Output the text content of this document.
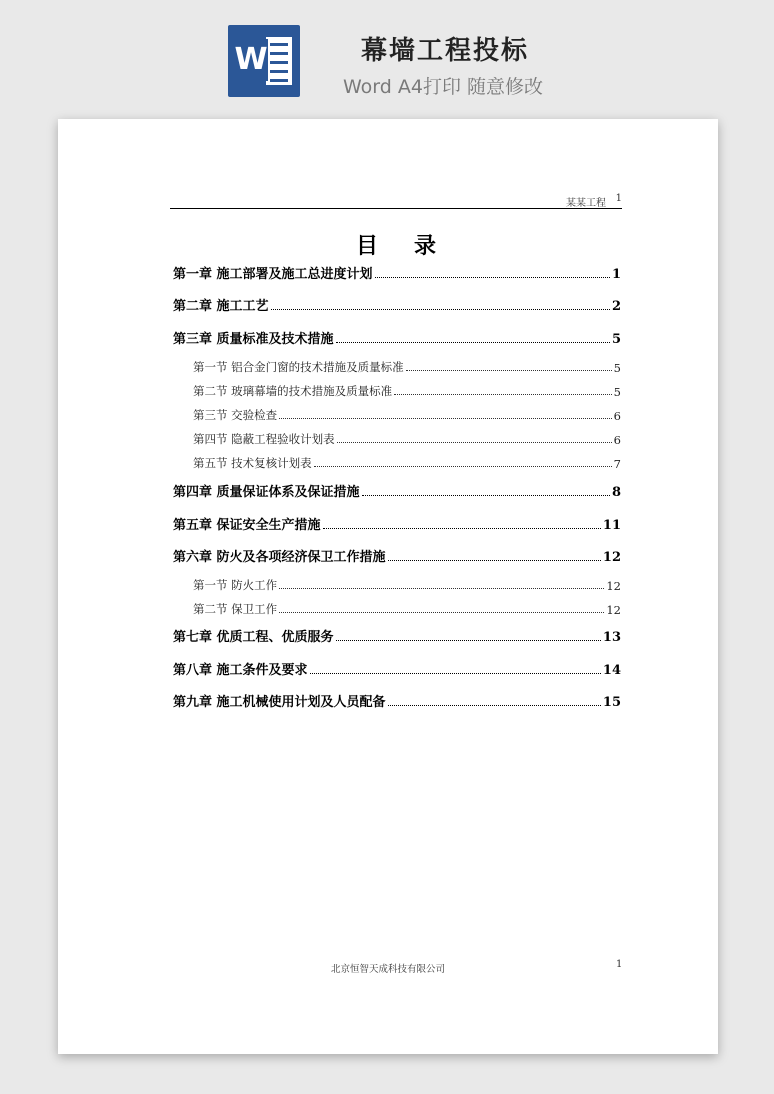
W	幕墙工程投标
Word A4打印 随意修改
某某工程 1
目录
第一章 施工部署及施工总进度计划	1
第二章 施工工艺	2
第三章 质量标准及技术措施	5
第一节 铝合金门窗的技术措施及质量标准	5
第二节 玻璃幕墙的技术措施及质量标准	5
第三节 交验检查	6
第四节 隐蔽工程验收计划表	6
第五节 技术复核计划表	7
第四章 质量保证体系及保证措施	8
第五章 保证安全生产措施	11
第六章 防火及各项经济保卫工作措施	12
第一节 防火工作	12
第二节 保卫工作	12
第七章 优质工程、优质服务	13
第八章 施工条件及要求	14
第九章 施工机械使用计划及人员配备	15
北京恒智天成科技有限公司	1
